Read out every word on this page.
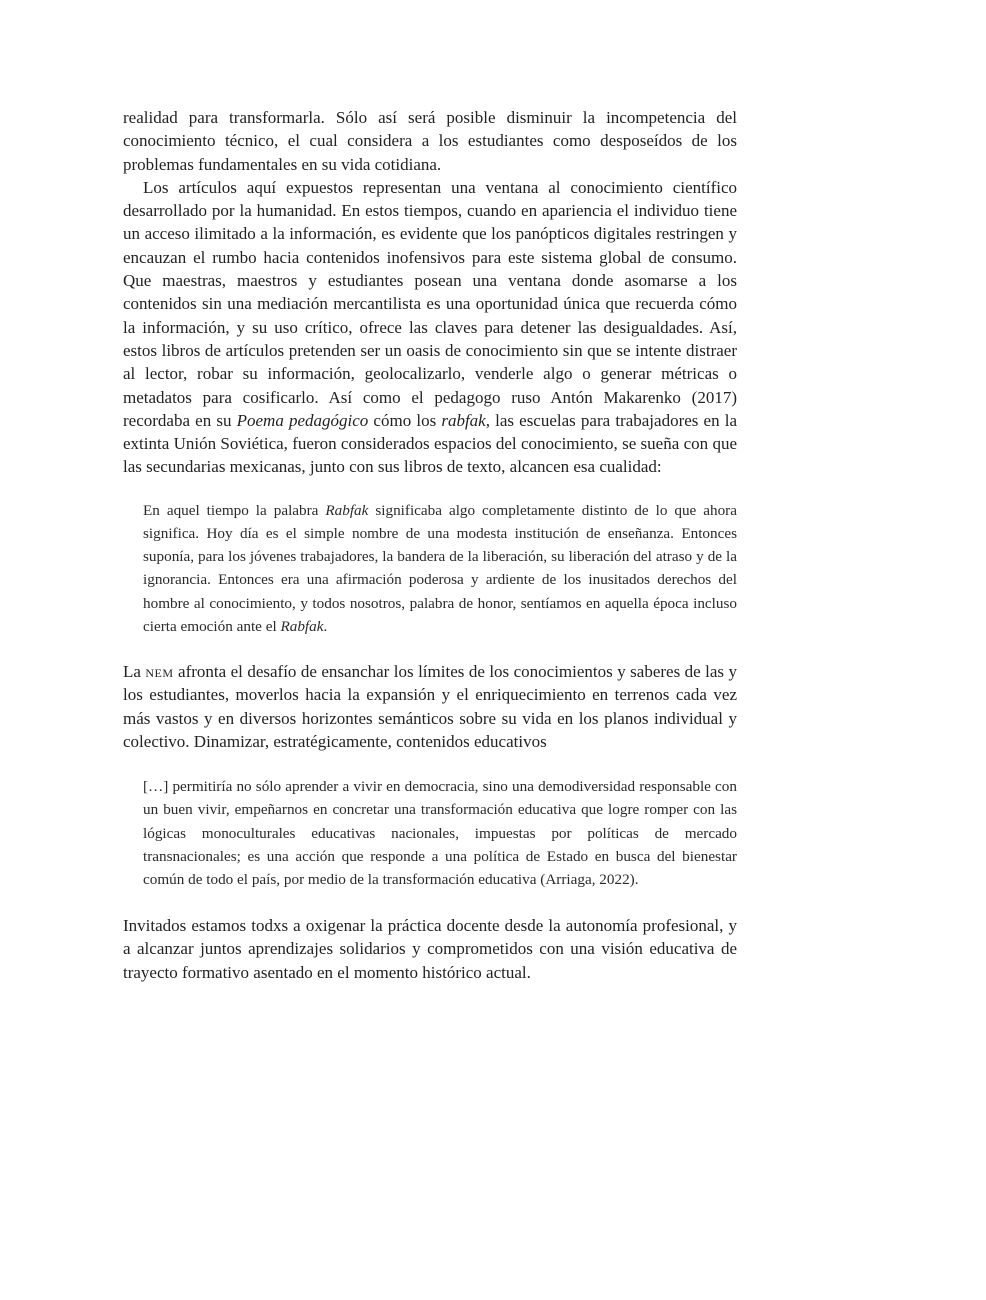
realidad para transformarla. Sólo así será posible disminuir la incompetencia del conocimiento técnico, el cual considera a los estudiantes como desposeídos de los problemas fundamentales en su vida cotidiana.

Los artículos aquí expuestos representan una ventana al conocimiento científico desarrollado por la humanidad. En estos tiempos, cuando en apariencia el individuo tiene un acceso ilimitado a la información, es evidente que los panópticos digitales restringen y encauzan el rumbo hacia contenidos inofensivos para este sistema global de consumo. Que maestras, maestros y estudiantes posean una ventana donde asomarse a los contenidos sin una mediación mercantilista es una oportunidad única que recuerda cómo la información, y su uso crítico, ofrece las claves para detener las desigualdades. Así, estos libros de artículos pretenden ser un oasis de conocimiento sin que se intente distraer al lector, robar su información, geolocalizarlo, venderle algo o generar métricas o metadatos para cosificarlo. Así como el pedagogo ruso Antón Makarenko (2017) recordaba en su Poema pedagógico cómo los rabfak, las escuelas para trabajadores en la extinta Unión Soviética, fueron considerados espacios del conocimiento, se sueña con que las secundarias mexicanas, junto con sus libros de texto, alcancen esa cualidad:

En aquel tiempo la palabra Rabfak significaba algo completamente distinto de lo que ahora significa. Hoy día es el simple nombre de una modesta institución de enseñanza. Entonces suponía, para los jóvenes trabajadores, la bandera de la liberación, su liberación del atraso y de la ignorancia. Entonces era una afirmación poderosa y ardiente de los inusitados derechos del hombre al conocimiento, y todos nosotros, palabra de honor, sentíamos en aquella época incluso cierta emoción ante el Rabfak.

La nem afronta el desafío de ensanchar los límites de los conocimientos y saberes de las y los estudiantes, moverlos hacia la expansión y el enriquecimiento en terrenos cada vez más vastos y en diversos horizontes semánticos sobre su vida en los planos individual y colectivo. Dinamizar, estratégicamente, contenidos educativos

[…] permitiría no sólo aprender a vivir en democracia, sino una demodiversidad responsable con un buen vivir, empeñarnos en concretar una transformación educativa que logre romper con las lógicas monoculturales educativas nacionales, impuestas por políticas de mercado transnacionales; es una acción que responde a una política de Estado en busca del bienestar común de todo el país, por medio de la transformación educativa (Arriaga, 2022).

Invitados estamos todxs a oxigenar la práctica docente desde la autonomía profesional, y a alcanzar juntos aprendizajes solidarios y comprometidos con una visión educativa de trayecto formativo asentado en el momento histórico actual.
